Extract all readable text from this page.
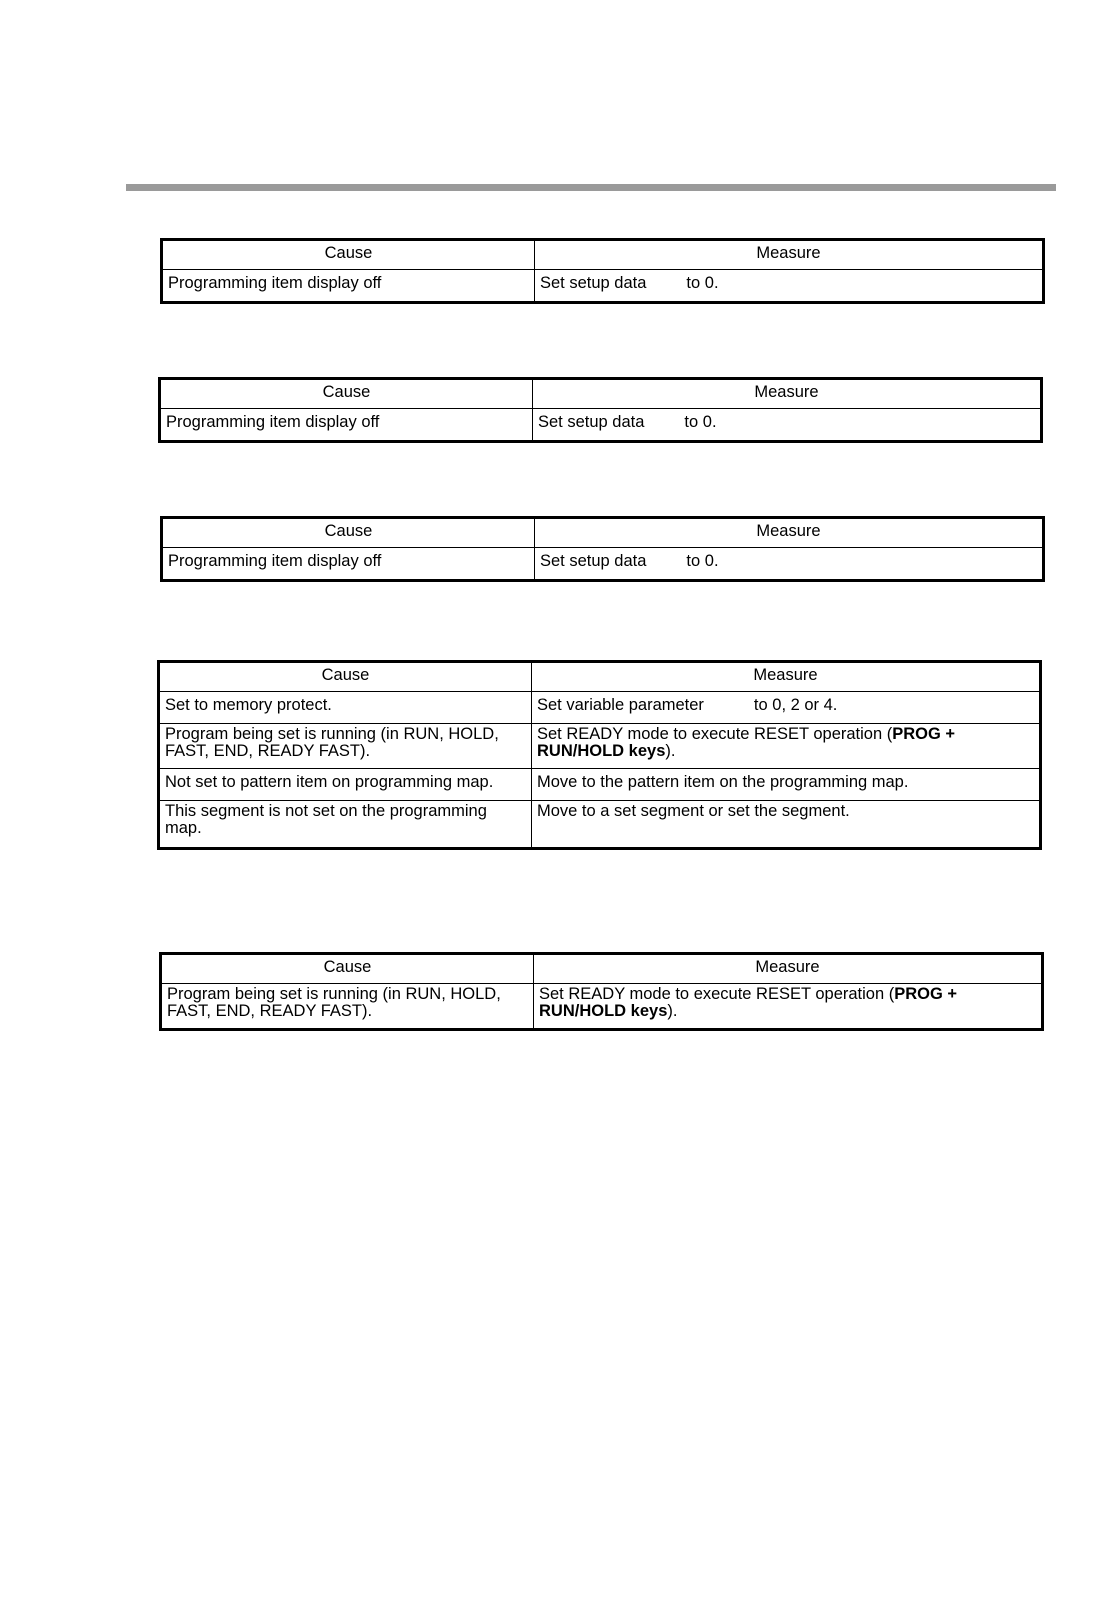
Cause	Measure
Programming item display off	Set setup data to 0.
Cause	Measure
Programming item display off	Set setup data to 0.
Cause	Measure
Programming item display off	Set setup data to 0.
Cause	Measure
Set to memory protect.	Set variable parameter to 0, 2 or 4.
Program being set is running (in RUN, HOLD, FAST, END, READY FAST).	Set READY mode to execute RESET operation (PROG + RUN/HOLD keys).
Not set to pattern item on programming map.	Move to the pattern item on the programming map.
This segment is not set on the programming map.	Move to a set segment or set the segment.
Cause	Measure
Program being set is running (in RUN, HOLD, FAST, END, READY FAST).	Set READY mode to execute RESET operation (PROG + RUN/HOLD keys).
